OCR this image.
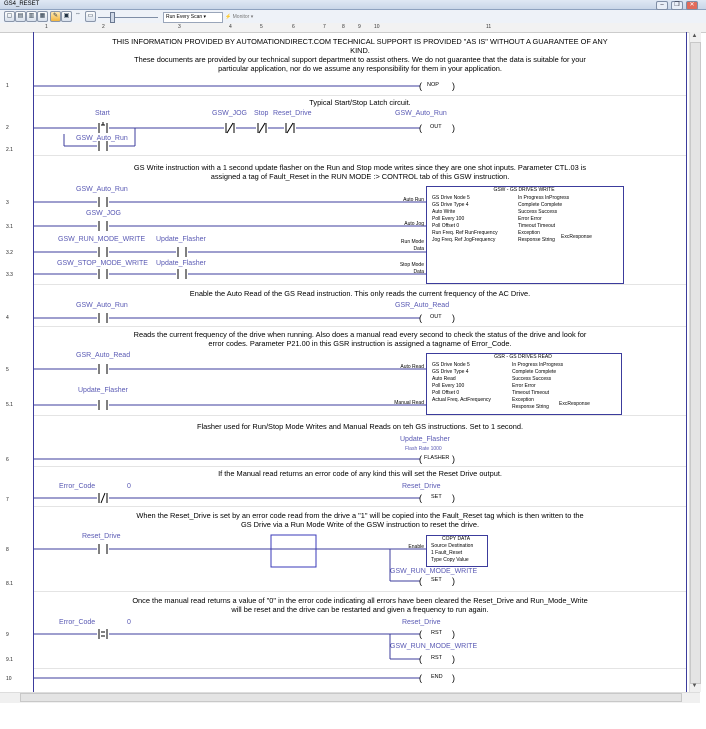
GS4_RESET	–	❐	✕
▢ ▤ ▥ ▦	✎ ▣ ⇔	▭	Run Every Scan ▾	⚡ Monitor ▾
1	2	3	4	5	6	7	8	9	10	11
▲
▼
(	)
(	)
(	)
(	)
(	)
(	)
(	)
(	)
(	)
THIS INFORMATION PROVIDED BY AUTOMATIONDIRECT.COM TECHNICAL SUPPORT IS PROVIDED "AS IS" WITHOUT A GUARANTEE OF ANY
KIND.
These documents are provided by our technical support department to assist others. We do not guarantee that the data is suitable for your
particular application, nor do we assume any responsibility for them in your application.
1	NOP
Typical Start/Stop Latch circuit.
2
Start	GSW_JOG Stop Reset_Drive	GSW_Auto_Run
OUT
2.1
GSW_Auto_Run
GS Write instruction with a 1 second update flasher on the Run and Stop mode writes since they are one shot inputs. Parameter CTL.03 is
assigned a tag of Fault_Reset in the RUN MODE :> CONTROL tab of this GSW instruction.
3
GSW_Auto_Run
Auto Run
3.1
GSW_JOG
Auto Jog
3.2
GSW_RUN_MODE_WRITE Update_Flasher	Run Mode
Data
3.3
GSW_STOP_MODE_WRITE Update_Flasher	Stop Mode
Data
GSW - GS DRIVES WRITE
GS Drive Node 5
GS Drive Type 4
Auto Write
Poll Every 100
Poll Offset 0
Run Freq. Ref RunFrequency
Jog Freq. Ref JogFrequency
In Progress InProgress
Complete Complete
Success Success
Error Error
Timeout Timeout
Exception
Response String ExcResponse
Enable the Auto Read of the GS Read instruction. This only reads the current frequency of the AC Drive.
4
GSW_Auto_Run	GSR_Auto_Read
OUT
Reads the current frequency of the drive when running. Also does a manual read every second to check the status of the drive and look for
error codes. Parameter P21.00 in this GSR instruction is assigned a tagname of Error_Code.
5
GSR_Auto_Read
Auto Read
5.1
Update_Flasher
Manual Read
GSR - GS DRIVES READ
GS Drive Node 5
GS Drive Type 4
Auto Read
Poll Every 100
Poll Offset 0
Actual Freq. ActFrequency
In Progress InProgress
Complete Complete
Success Success
Error Error
Timeout Timeout
Exception
Response String ExcResponse
Flasher used for Run/Stop Mode Writes and Manual Reads on teh GS instructions. Set to 1 second.
6
Update_Flasher
Flash Rate 1000
FLASHER
If the Manual read returns an error code of any kind this will set the Reset Drive output.
7
Error_Code	0	Reset_Drive
SET
When the Reset_Drive is set by an error code read from the drive a "1" will be copied into the Fault_Reset tag which is then written to the
GS Drive via a Run Mode Write of the GSW instruction to reset the drive.
8
Reset_Drive
Enable
COPY DATA
Source Destination
1 Fault_Reset
Type Copy Value
8.1
GSW_RUN_MODE_WRITE
SET
Once the manual read returns a value of "0" in the error code indicating all errors have been cleared the Reset_Drive and Run_Mode_Write
will be reset and the drive can be restarted and given a frequency to run again.
9
Error_Code	0	Reset_Drive
RST
9.1
GSW_RUN_MODE_WRITE
RST
10	END
